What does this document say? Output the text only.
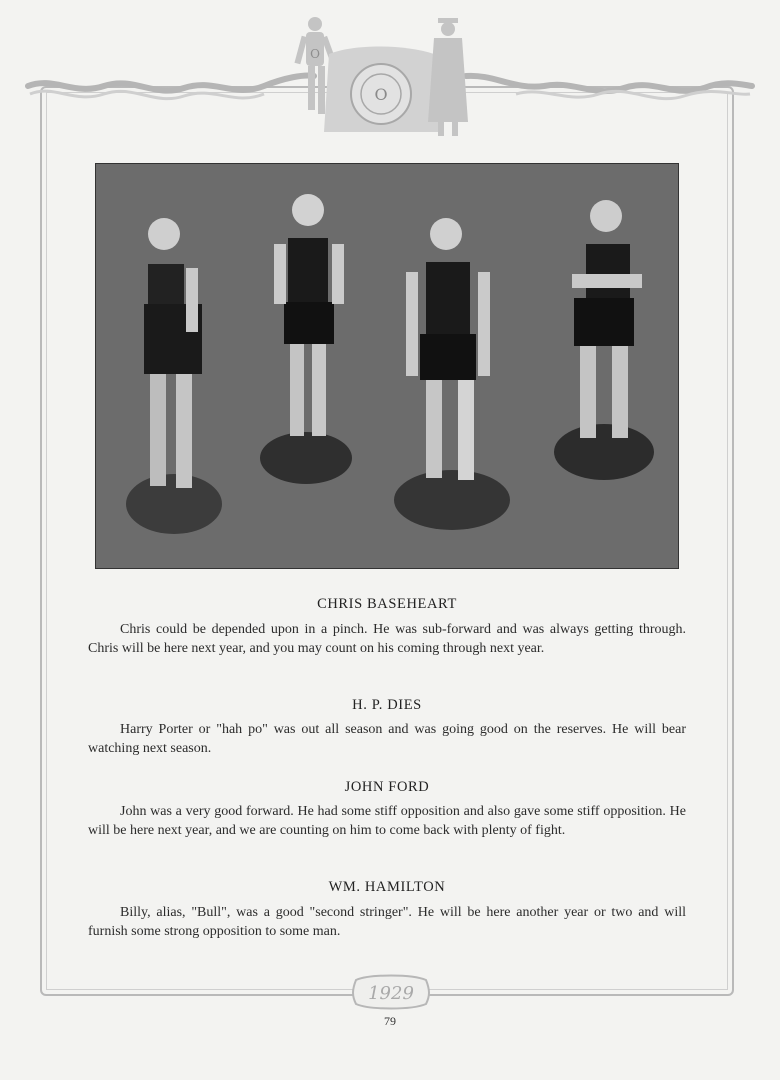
O
O
CHRIS BASEHEART

Chris could be depended upon in a pinch. He was sub-forward and was always getting through. Chris will be here next year, and you may count on his coming through next year.

H. P. DIES

Harry Porter or "hah po" was out all season and was going good on the reserves. He will bear watching next season.

JOHN FORD

John was a very good forward. He had some stiff opposition and also gave some stiff opposition. He will be here next year, and we are counting on him to come back with plenty of fight.

WM. HAMILTON

Billy, alias, "Bull", was a good "second stringer". He will be here another year or two and will furnish some strong opposition to some man.

1929
79
